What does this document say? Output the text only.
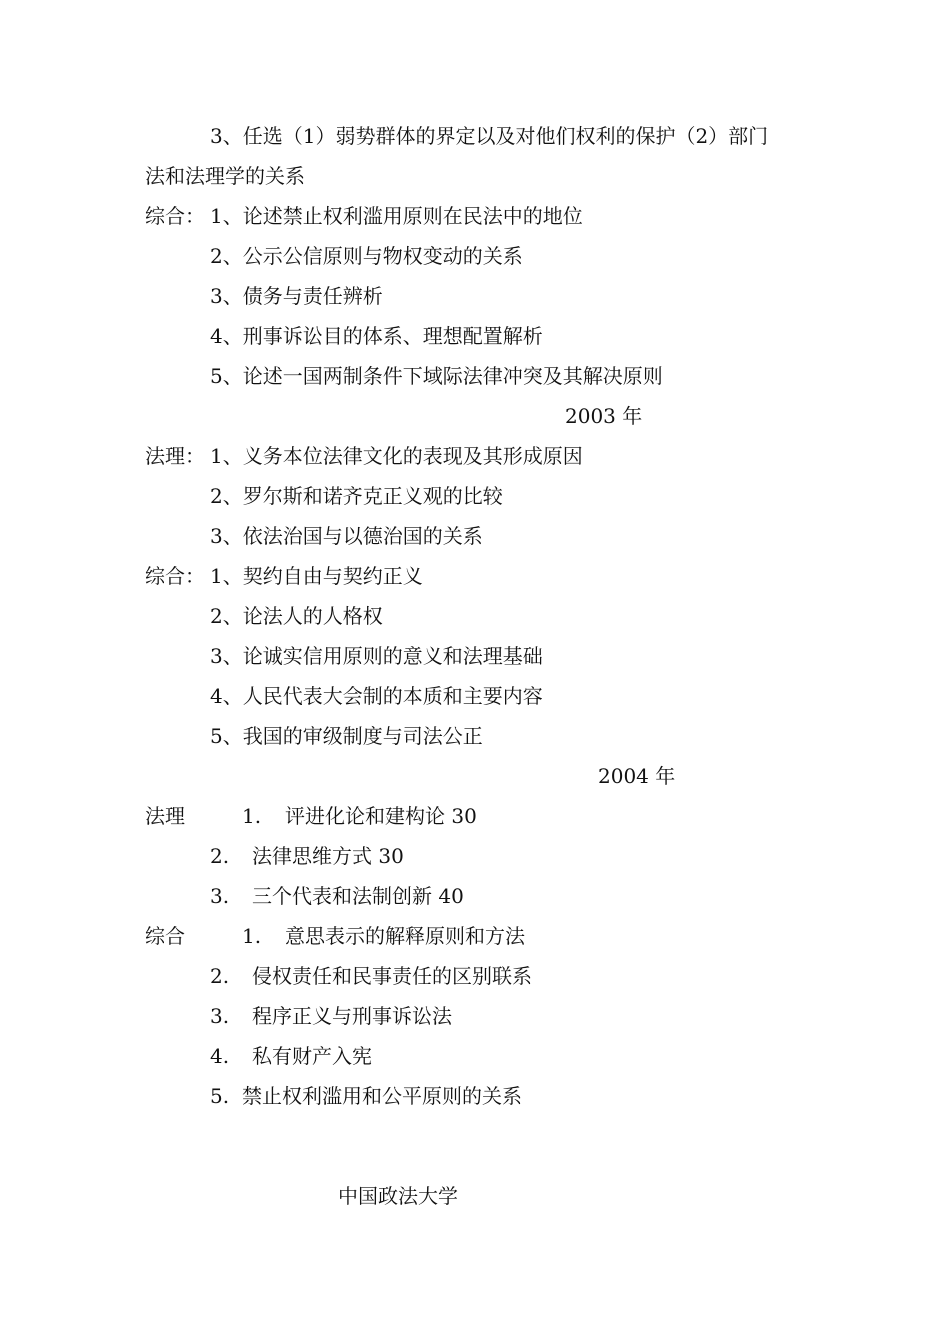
3、任选（1）弱势群体的界定以及对他们权利的保护（2）部门
法和法理学的关系
综合： 1、论述禁止权利滥用原则在民法中的地位
2、公示公信原则与物权变动的关系
3、债务与责任辨析
4、刑事诉讼目的体系、理想配置解析
5、论述一国两制条件下域际法律冲突及其解决原则
2003 年
法理： 1、义务本位法律文化的表现及其形成原因
2、罗尔斯和诺齐克正义观的比较
3、依法治国与以德治国的关系
综合： 1、契约自由与契约正义
2、论法人的人格权
3、论诚实信用原则的意义和法理基础
4、人民代表大会制的本质和主要内容
5、我国的审级制度与司法公正
2004 年
法理	1. 评进化论和建构论 30
2. 法律思维方式 30
3. 三个代表和法制创新 40
综合	1. 意思表示的解释原则和方法
2. 侵权责任和民事责任的区别联系
3. 程序正义与刑事诉讼法
4. 私有财产入宪
5. 禁止权利滥用和公平原则的关系
中国政法大学
